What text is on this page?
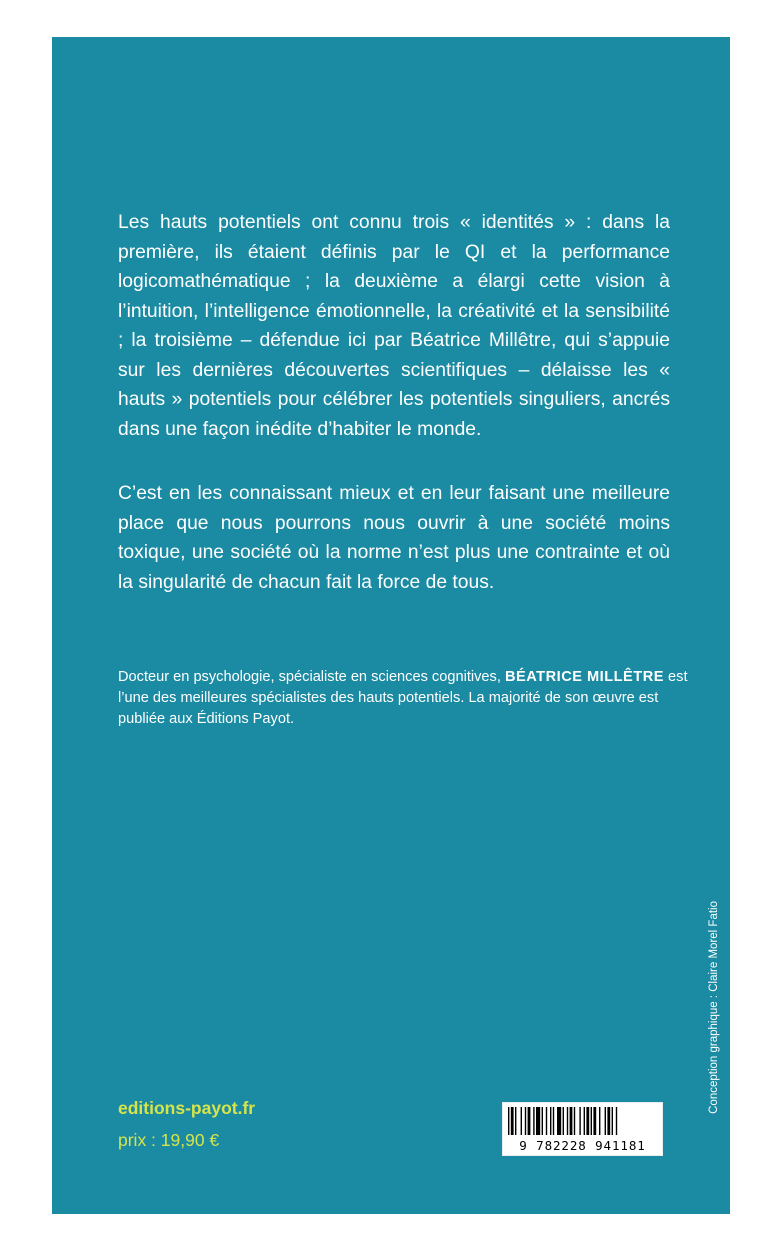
Les hauts potentiels ont connu trois « identités » : dans la première, ils étaient définis par le QI et la performance logicomathématique ; la deuxième a élargi cette vision à l’intuition, l’intelligence émotionnelle, la créativité et la sensibilité ; la troisième – défendue ici par Béatrice Millêtre, qui s’appuie sur les dernières découvertes scientifiques – délaisse les « hauts » potentiels pour célébrer les potentiels singuliers, ancrés dans une façon inédite d’habiter le monde.

C’est en les connaissant mieux et en leur faisant une meilleure place que nous pourrons nous ouvrir à une société moins toxique, une société où la norme n’est plus une contrainte et où la singularité de chacun fait la force de tous.

Docteur en psychologie, spécialiste en sciences cognitives, BÉATRICE MILLÊTRE est l’une des meilleures spécialistes des hauts potentiels. La majorité de son œuvre est publiée aux Éditions Payot.

editions-payot.fr

prix : 19,90 €

Conception graphique : Claire Morel Fatio
9 782228 941181
